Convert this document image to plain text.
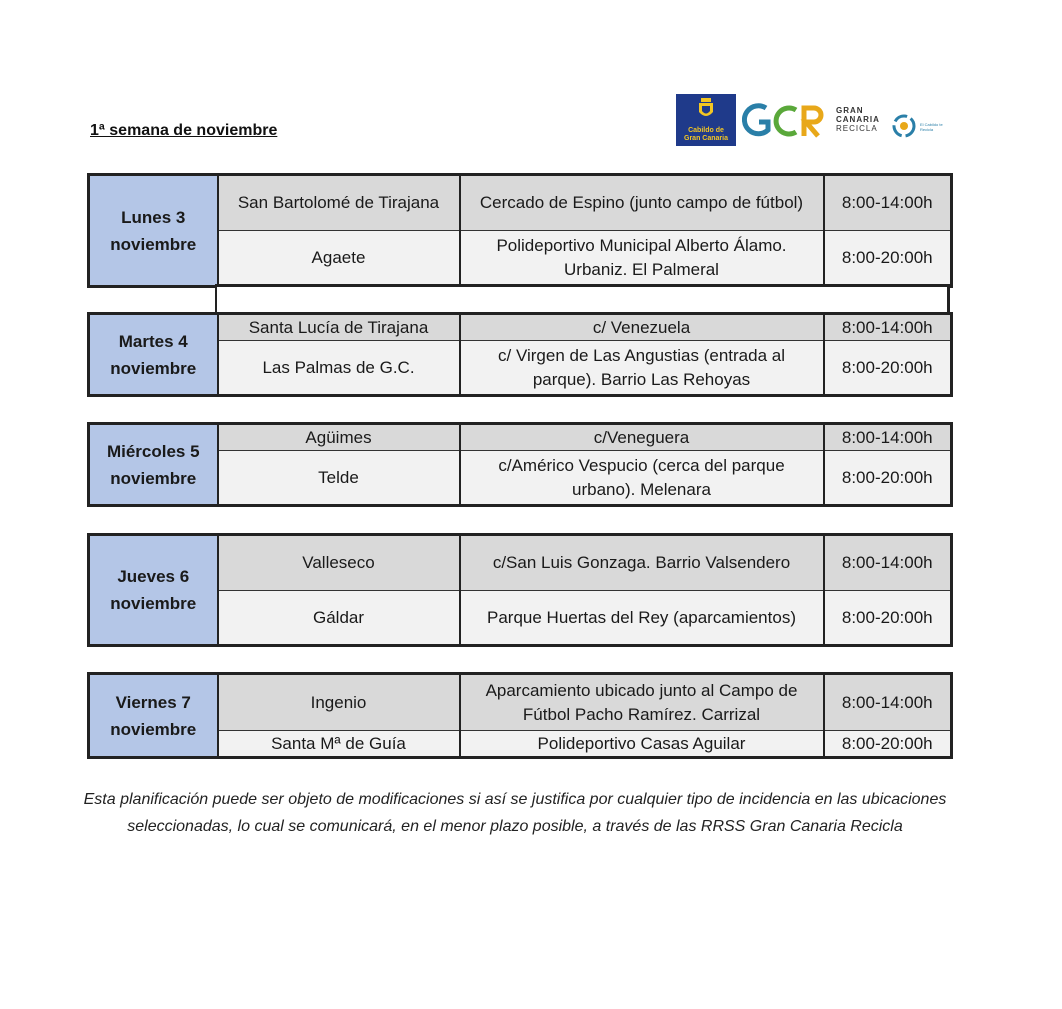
1ª semana de noviembre	Cabildo de
Gran Canaria
GRAN
CANARIA
RECICLA	El Cabildo te Recicla
Lunes 3 noviembre	San Bartolomé de Tirajana	Cercado de Espino (junto campo de fútbol)	8:00-14:00h
	Agaete	Polideportivo Municipal Alberto Álamo. Urbaniz. El Palmeral	8:00-20:00h
Martes 4 noviembre	Santa Lucía de Tirajana	c/ Venezuela	8:00-14:00h
	Las Palmas de G.C.	c/ Virgen de Las Angustias (entrada al parque). Barrio Las Rehoyas	8:00-20:00h
Miércoles 5 noviembre	Agüimes	c/Veneguera	8:00-14:00h
	Telde	c/Américo Vespucio (cerca del parque urbano). Melenara	8:00-20:00h
Jueves 6 noviembre	Valleseco	c/San Luis Gonzaga. Barrio Valsendero	8:00-14:00h
	Gáldar	Parque Huertas del Rey (aparcamientos)	8:00-20:00h
Viernes 7 noviembre	Ingenio	Aparcamiento ubicado junto al Campo de Fútbol Pacho Ramírez. Carrizal	8:00-14:00h
	Santa Mª de Guía	Polideportivo Casas Aguilar	8:00-20:00h
Esta planificación puede ser objeto de modificaciones si así se justifica por cualquier tipo de incidencia en las ubicaciones seleccionadas, lo cual se comunicará, en el menor plazo posible, a través de las RRSS Gran Canaria Recicla
